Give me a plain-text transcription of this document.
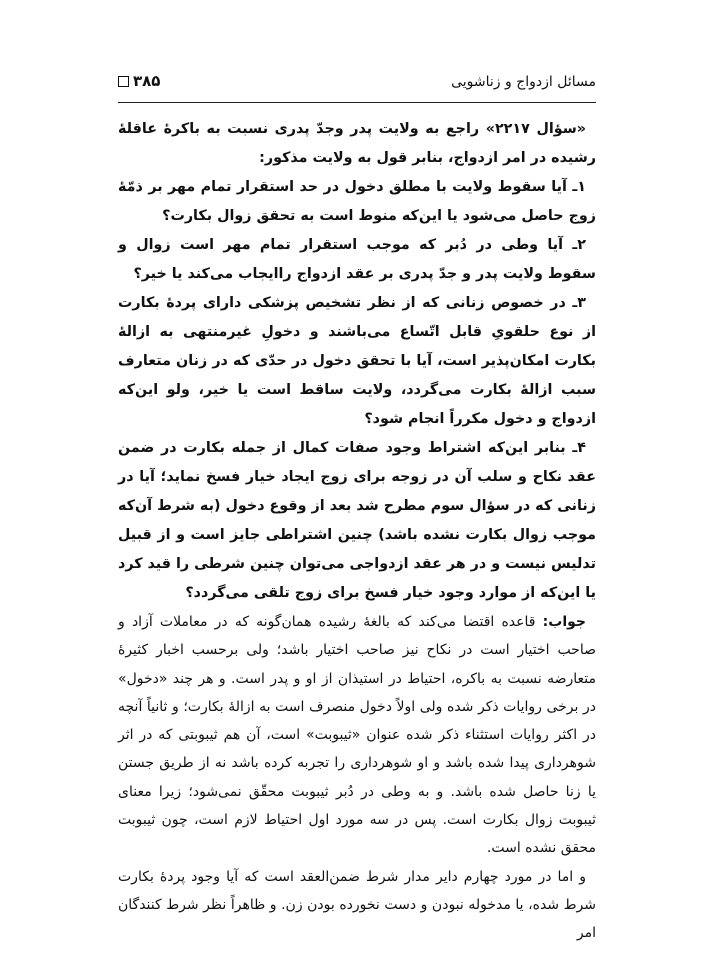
مسائل ازدواج و زناشویی
۳۸۵

«سؤال ۲۲۱۷» راجع به ولایت پدر وجدّ پدری نسبت به باکرهٔ عاقلهٔ رشیده در امر ازدواج، بنابر قول به ولایت مذکور:

۱ـ آیا سقوط ولایت با مطلق دخول در حد استقرار تمام مهر بر ذمّهٔ زوج حاصل می‌شود یا این‌که منوط است به تحقق زوال بکارت؟

۲ـ آیا وطی در دُبر که موجب استقرار تمام مهر است زوال و سقوط ولایت پدر و جدّ پدری بر عقد ازدواج راایجاب می‌کند یا خیر؟

۳ـ در خصوص زنانی که از نظر تشخیص پزشکی دارای پردهٔ بکارت از نوع حلقویِ قابل اتّساع می‌باشند و دخولِ غیرمنتهی به ازالهٔ بکارت امکان‌پذیر است، آیا با تحقق دخول در حدّی که در زنان متعارف سبب ازالهٔ بکارت می‌گردد، ولایت ساقط است یا خیر، ولو این‌که ازدواج و دخول مکرراً انجام شود؟

۴ـ بنابر این‌که اشتراط وجود صفات کمال از جمله بکارت در ضمن عقد نکاح و سلب آن در زوجه برای زوج ایجاد خیار فسخ نماید؛ آیا در زنانی که در سؤال سوم مطرح شد بعد از وقوع دخول (به شرط آن‌که موجب زوال بکارت نشده باشد) چنین اشتراطی جایز است و از قبیل تدلیس نیست و در هر عقد ازدواجی می‌توان چنین شرطی را قید کرد یا این‌که از موارد وجود خیار فسخ برای زوج تلقی می‌گردد؟

جواب: قاعده اقتضا می‌کند که بالغهٔ رشیده همان‌گونه که در معاملات آزاد و صاحب اختیار است در نکاح نیز صاحب اختیار باشد؛ ولی برحسب اخبار کثیرهٔ متعارضه نسبت به باکره، احتیاط در استیذان از او و پدر است. و هر چند «دخول» در برخی روایات ذکر شده ولی اولاً دخول منصرف است به ازالهٔ بکارت؛ و ثانیاً آنچه در اکثر روایات استثناء ذکر شده عنوان «ثیبوبت» است، آن هم ثیبوبتی که در اثر شوهرداری پیدا شده باشد و او شوهرداری را تجربه کرده باشد نه از طریق جستن یا زنا حاصل شده باشد. و به وطی در دُبر ثیبوبت محقّق نمی‌شود؛ زیرا معنای ثیبوبت زوال بکارت است. پس در سه مورد اول احتیاط لازم است، چون ثیبوبت محقق نشده است.

و اما در مورد چهارم دایر مدار شرط ضمن‌العقد است که آیا وجود پردهٔ بکارت شرط شده، یا مدخوله نبودن و دست نخورده بودن زن. و ظاهراً نظر شرط کنندگان امر
